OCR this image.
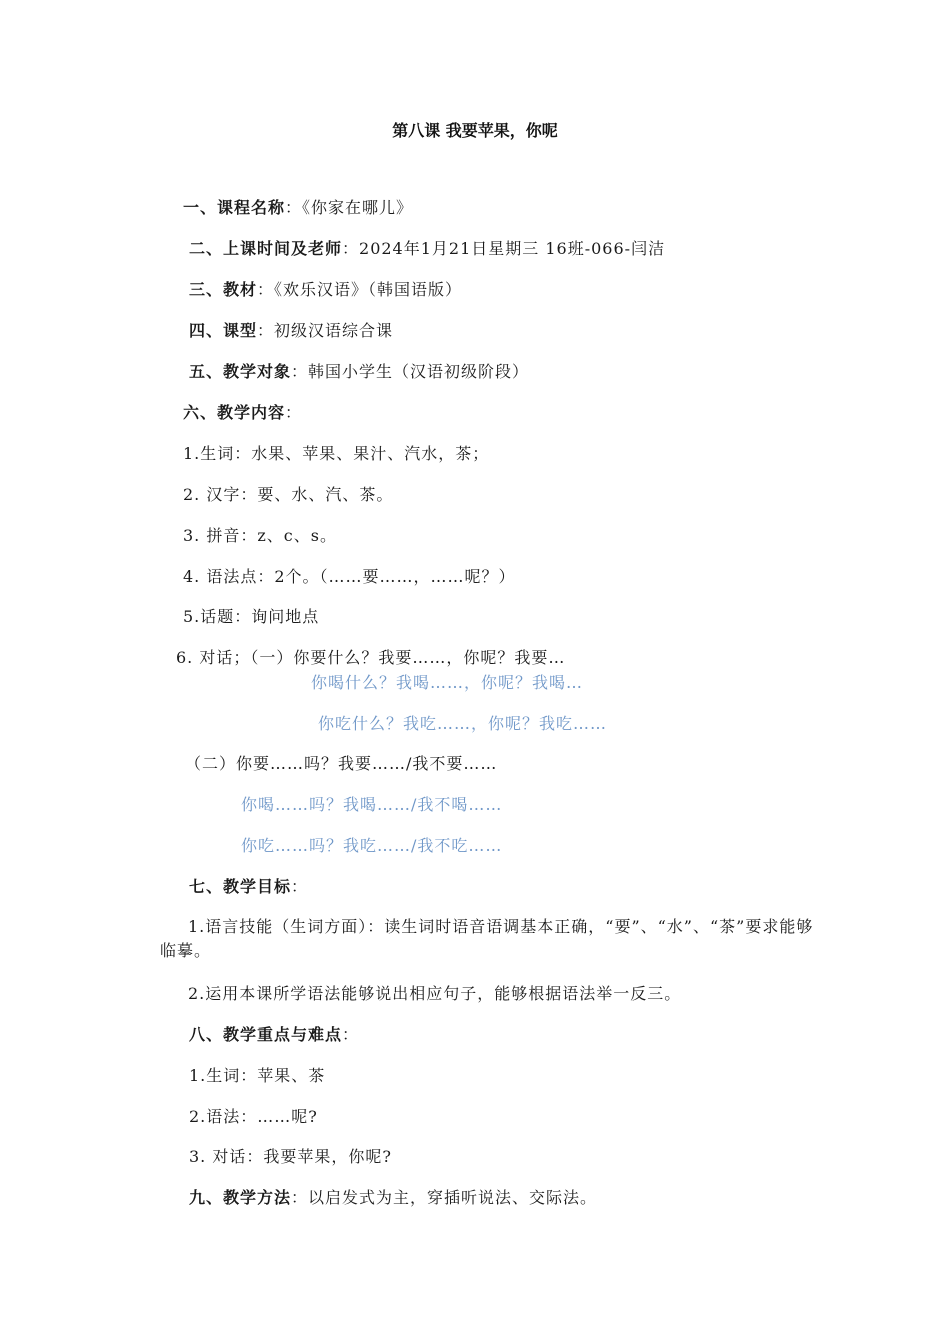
第八课 我要苹果，你呢
一、课程名称：《你家在哪儿》
二、上课时间及老师：2024年1月21日星期三 16班-066-闫洁
三、教材：《欢乐汉语》（韩国语版）
四、课型：初级汉语综合课
五、教学对象：韩国小学生（汉语初级阶段）
六、教学内容：
1.生词：水果、苹果、果汁、汽水，茶；
2. 汉字：要、水、汽、茶。
3. 拼音：z、c、s。
4. 语法点：2个。（……要……，……呢？）
5.话题：询问地点
6. 对话；（一）你要什么？我要……，你呢？我要…
你喝什么？我喝……，你呢？我喝…
你吃什么？我吃……，你呢？我吃……
（二）你要……吗？我要……/我不要……
你喝……吗？我喝……/我不喝……
你吃……吗？我吃……/我不吃……
七、教学目标：
1.语言技能（生词方面）：读生词时语音语调基本正确，“要”、“水”、“茶”要求能够临摹。
2.运用本课所学语法能够说出相应句子，能够根据语法举一反三。
八、教学重点与难点：
1.生词：苹果、茶
2.语法：……呢?
3. 对话：我要苹果，你呢?
九、教学方法：以启发式为主，穿插听说法、交际法。
